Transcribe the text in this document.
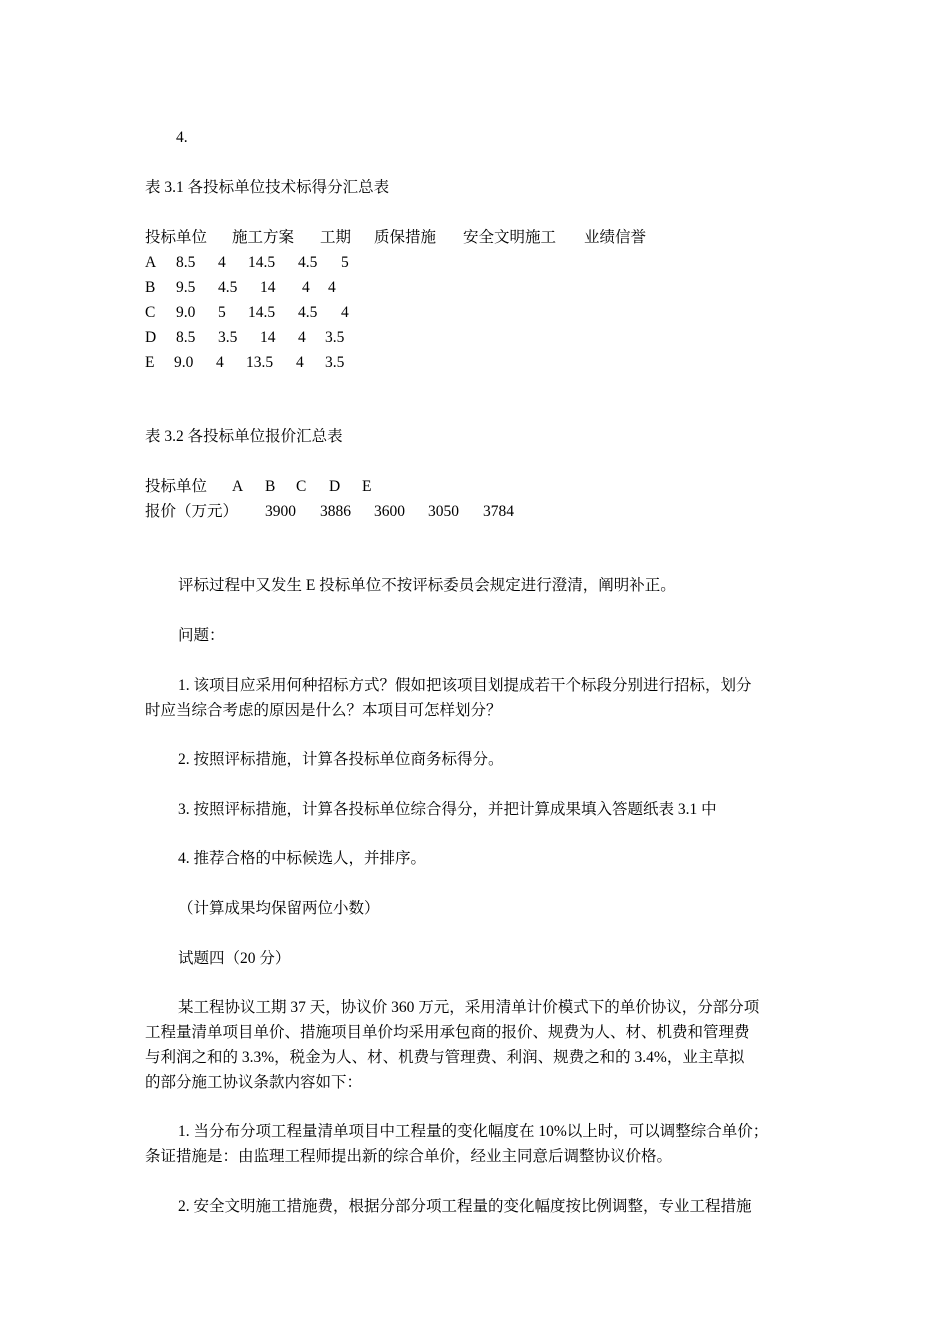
4.
表 3.1 各投标单位技术标得分汇总表
投标单位 施工方案 工期 质保措施 安全文明施工 业绩信誉
A 8.5 4 14.5 4.5 5
B 9.5 4.5 14 4 4
C 9.0 5 14.5 4.5 4
D 8.5 3.5 14 4 3.5
E 9.0 4 13.5 4 3.5
表 3.2 各投标单位报价汇总表
投标单位 A B C D E
报价（万元） 3900 3886 3600 3050 3784
评标过程中又发生 E 投标单位不按评标委员会规定进行澄清，阐明补正。
问题：
1. 该项目应采用何种招标方式？假如把该项目划提成若干个标段分别进行招标，划分
时应当综合考虑的原因是什么？本项目可怎样划分？
2. 按照评标措施，计算各投标单位商务标得分。
3. 按照评标措施，计算各投标单位综合得分，并把计算成果填入答题纸表 3.1 中
4. 推荐合格的中标候选人，并排序。
（计算成果均保留两位小数）
试题四（20 分）
某工程协议工期 37 天，协议价 360 万元，采用清单计价模式下的单价协议，分部分项
工程量清单项目单价、措施项目单价均采用承包商的报价、规费为人、材、机费和管理费
与利润之和的 3.3%，税金为人、材、机费与管理费、利润、规费之和的 3.4%，业主草拟
的部分施工协议条款内容如下：
1. 当分布分项工程量清单项目中工程量的变化幅度在 10%以上时，可以调整综合单价；
条证措施是：由监理工程师提出新的综合单价，经业主同意后调整协议价格。
2. 安全文明施工措施费，根据分部分项工程量的变化幅度按比例调整，专业工程措施
